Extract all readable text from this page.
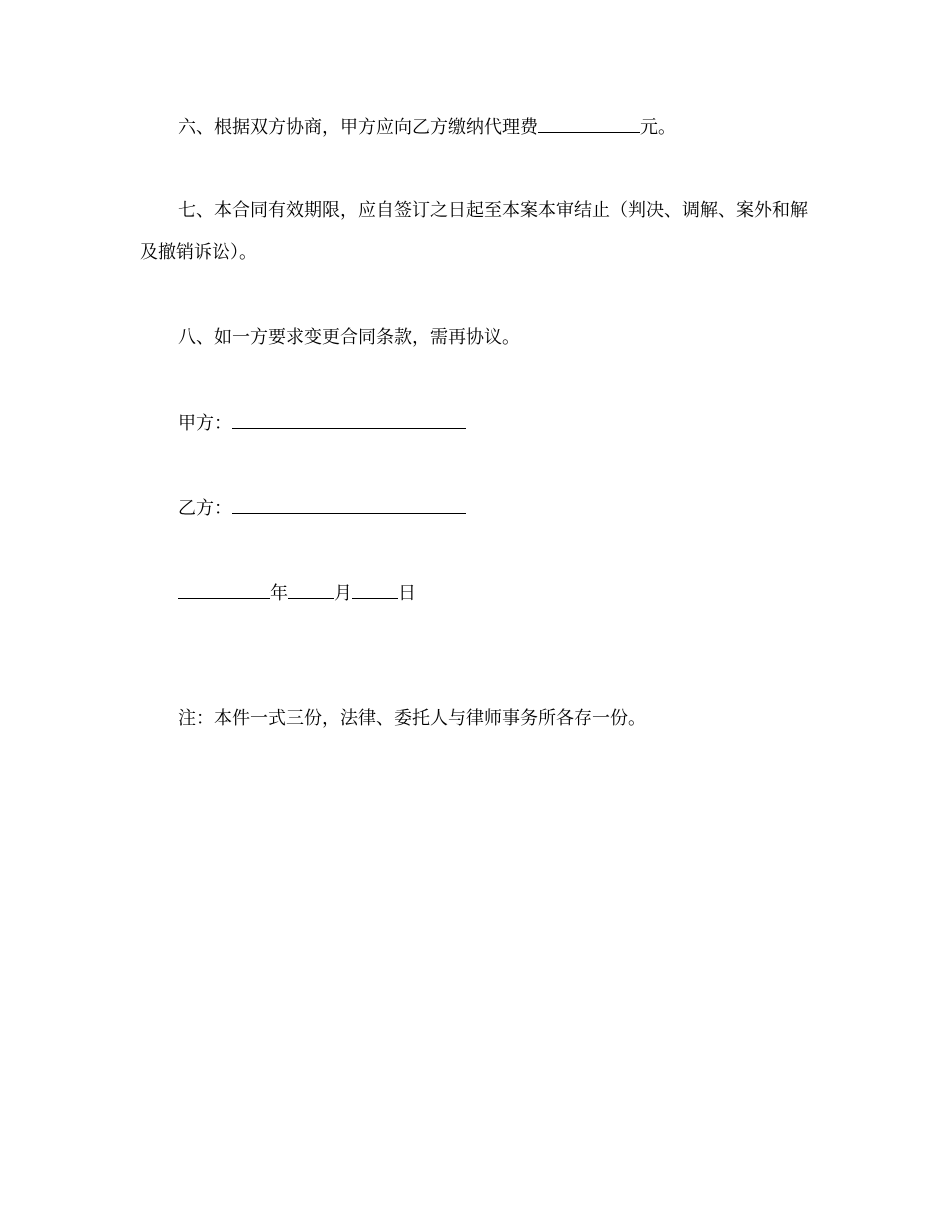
六、根据双方协商，甲方应向乙方缴纳代理费	元。
七、本合同有效期限，应自签订之日起至本案本审结止（判决、调解、案外和解
及撤销诉讼）。
八、如一方要求变更合同条款，需再协议。
甲方：
乙方：
年	月	日
注：本件一式三份，法律、委托人与律师事务所各存一份。
